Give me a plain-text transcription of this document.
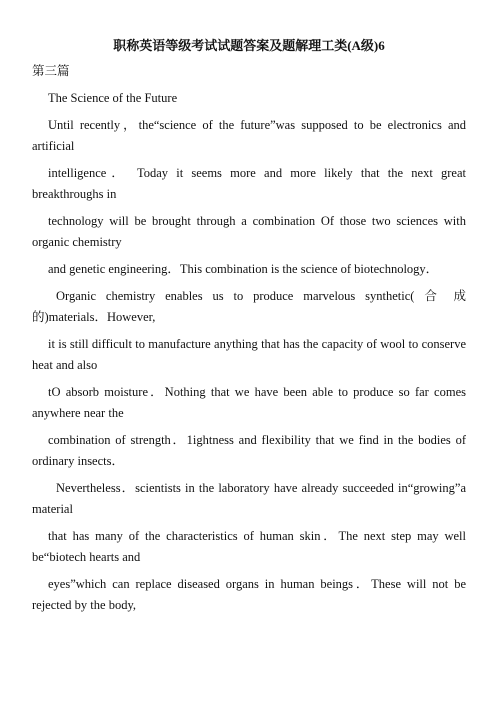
职称英语等级考试试题答案及题解理工类(A级)6
第三篇
The Science of the Future
Until recently，the“science of the future”was supposed to be electronics and
artificial
intelligence． Today it seems more and more likely that the next great
breakthroughs in
technology will be brought through a combination Of those two sciences with
organic chemistry
and genetic engineering．This combination is the science of biotechnology．
Organic chemistry enables us to produce marvelous synthetic( 合 成
的)materials．However,
it is still difficult to manufacture anything that has the capacity of wool to conserve
heat and also
tO absorb moisture．Nothing that we have been able to produce so far comes
anywhere near the
combination of strength．1ightness and flexibility that we find in the bodies of
ordinary insects．
Nevertheless．scientists in the laboratory have already succeeded in“growing”a
material
that has many of the characteristics of human skin．The next step may well
be“biotech hearts and
eyes”which can replace diseased organs in human beings．These will not be
rejected by the body,
